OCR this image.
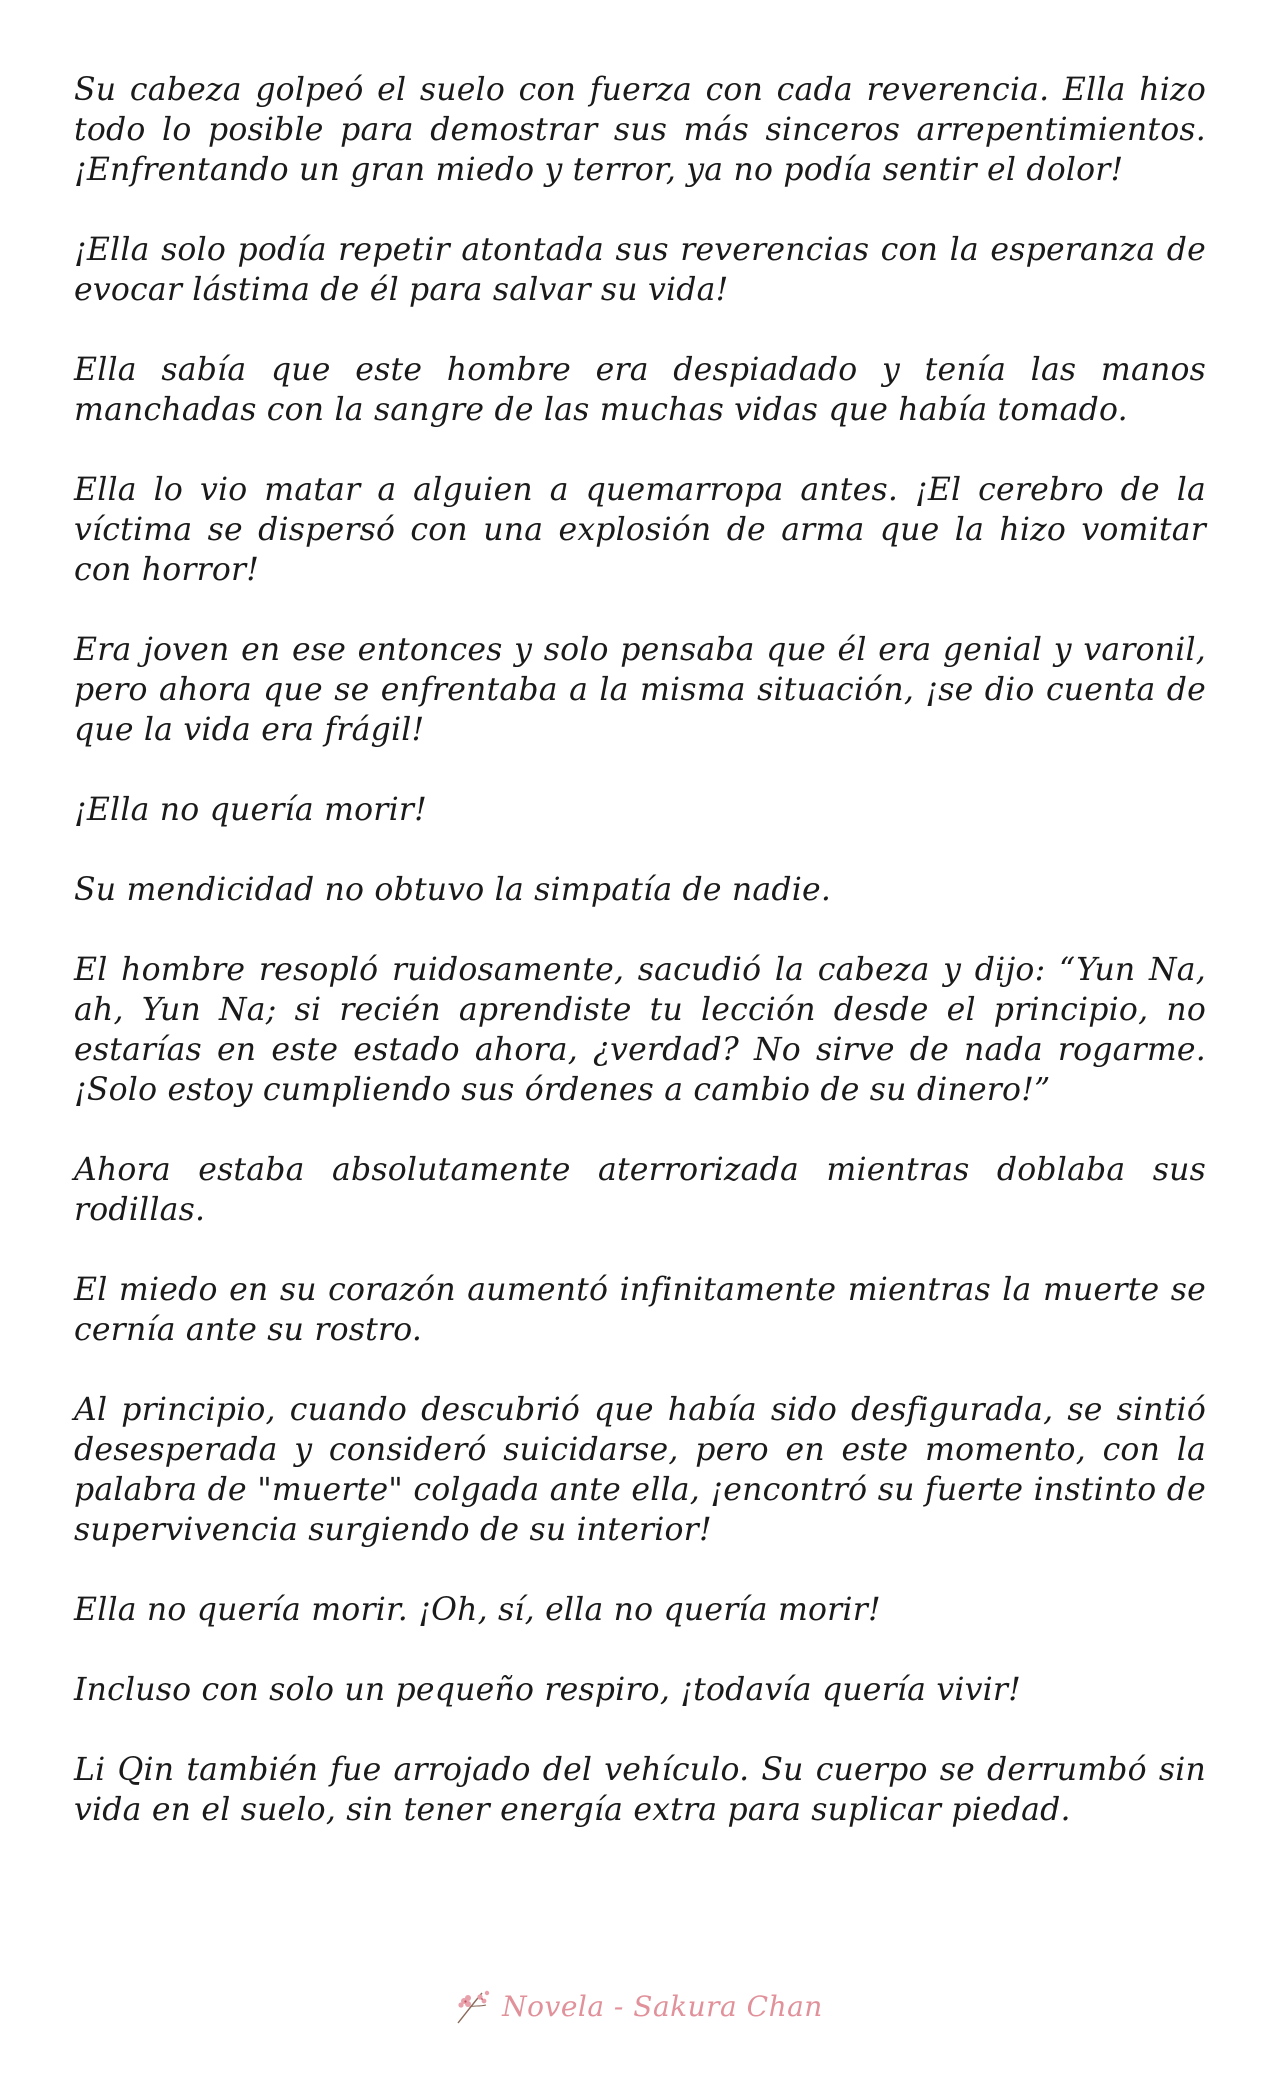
Su cabeza golpeó el suelo con fuerza con cada reverencia. Ella hizo todo lo posible para demostrar sus más sinceros arrepentimientos. ¡Enfrentando un gran miedo y terror, ya no podía sentir el dolor!

¡Ella solo podía repetir atontada sus reverencias con la esperanza de evocar lástima de él para salvar su vida!

Ella sabía que este hombre era despiadado y tenía las manos manchadas con la sangre de las muchas vidas que había tomado.

Ella lo vio matar a alguien a quemarropa antes. ¡El cerebro de la víctima se dispersó con una explosión de arma que la hizo vomitar con horror!

Era joven en ese entonces y solo pensaba que él era genial y varonil, pero ahora que se enfrentaba a la misma situación, ¡se dio cuenta de que la vida era frágil!

¡Ella no quería morir!

Su mendicidad no obtuvo la simpatía de nadie.

El hombre resopló ruidosamente, sacudió la cabeza y dijo: “Yun Na, ah, Yun Na; si recién aprendiste tu lección desde el principio, no estarías en este estado ahora, ¿verdad? No sirve de nada rogarme. ¡Solo estoy cumpliendo sus órdenes a cambio de su dinero!”

Ahora estaba absolutamente aterrorizada mientras doblaba sus rodillas.

El miedo en su corazón aumentó infinitamente mientras la muerte se cernía ante su rostro.

Al principio, cuando descubrió que había sido desfigurada, se sintió desesperada y consideró suicidarse, pero en este momento, con la palabra de "muerte" colgada ante ella, ¡encontró su fuerte instinto de supervivencia surgiendo de su interior!

Ella no quería morir. ¡Oh, sí, ella no quería morir!

Incluso con solo un pequeño respiro, ¡todavía quería vivir!

Li Qin también fue arrojado del vehículo. Su cuerpo se derrumbó sin vida en el suelo, sin tener energía extra para suplicar piedad.

Novela - Sakura Chan
